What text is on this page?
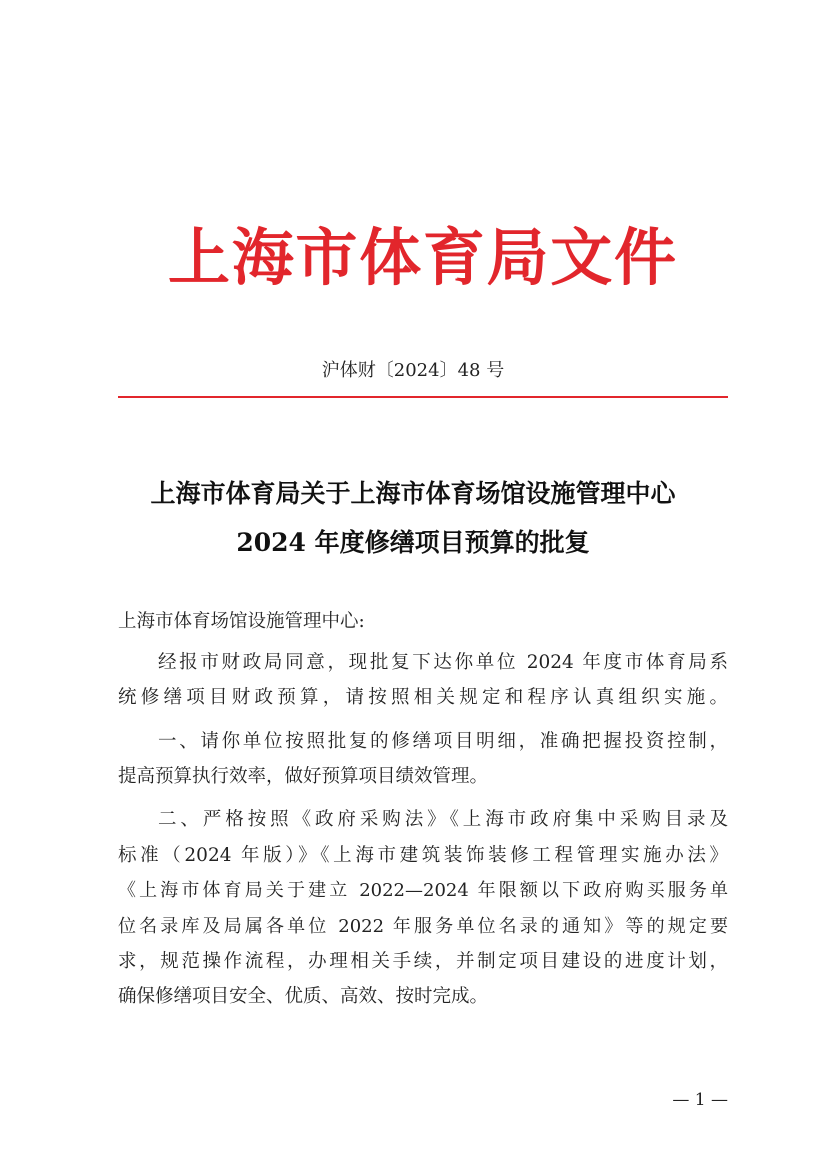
上海市体育局文件
沪体财〔2024〕48 号
上海市体育局关于上海市体育场馆设施管理中心
2024 年度修缮项目预算的批复
上海市体育场馆设施管理中心:
经报市财政局同意，现批复下达你单位 2024 年度市体育局系
统修缮项目财政预算，请按照相关规定和程序认真组织实施。
一、请你单位按照批复的修缮项目明细，准确把握投资控制，
提高预算执行效率，做好预算项目绩效管理。
二、严格按照《政府采购法》《上海市政府集中采购目录及
标准（2024 年版）》《上海市建筑装饰装修工程管理实施办法》
《上海市体育局关于建立 2022—2024 年限额以下政府购买服务单
位名录库及局属各单位 2022 年服务单位名录的通知》等的规定要
求，规范操作流程，办理相关手续，并制定项目建设的进度计划，
确保修缮项目安全、优质、高效、按时完成。
— 1 —
